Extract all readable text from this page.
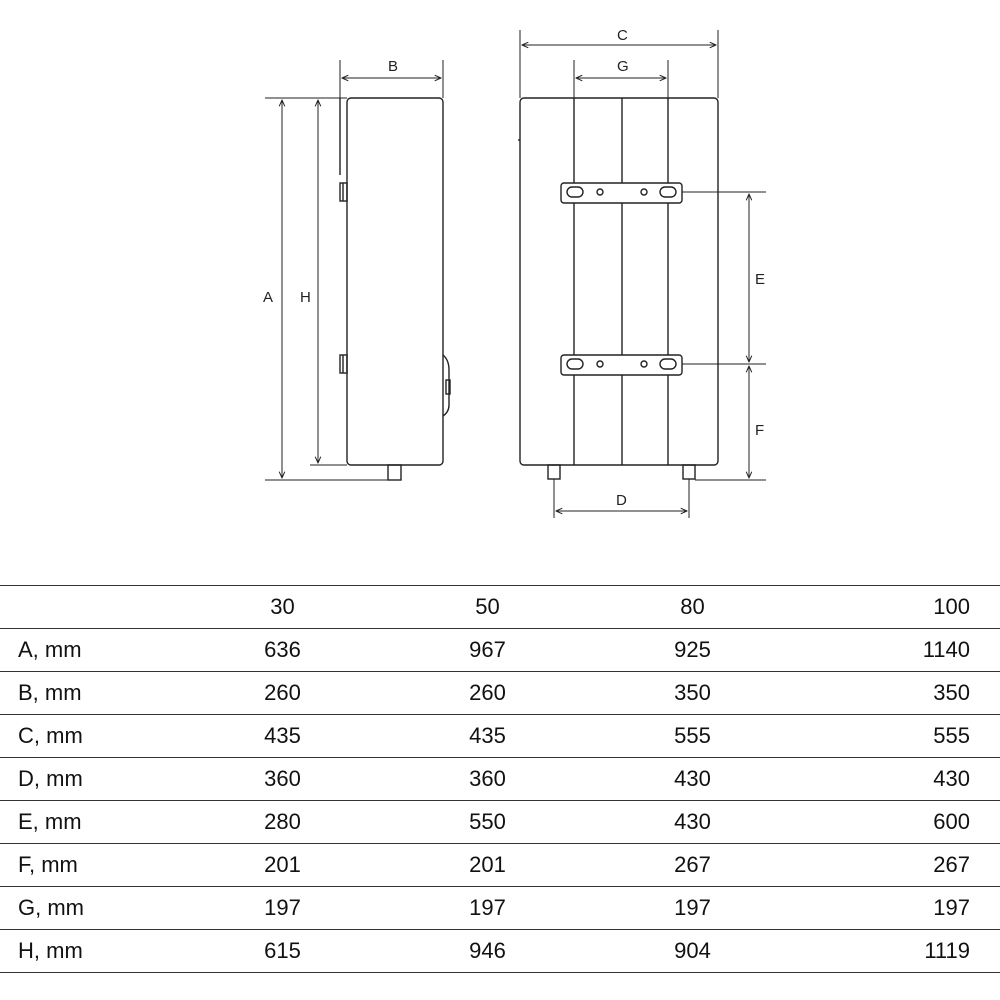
A H
B
C
G
E
F
D
	30	50	80	100
A, mm	636	967	925	1140
B, mm	260	260	350	350
C, mm	435	435	555	555
D, mm	360	360	430	430
E, mm	280	550	430	600
F, mm	201	201	267	267
G, mm	197	197	197	197
H, mm	615	946	904	1119
